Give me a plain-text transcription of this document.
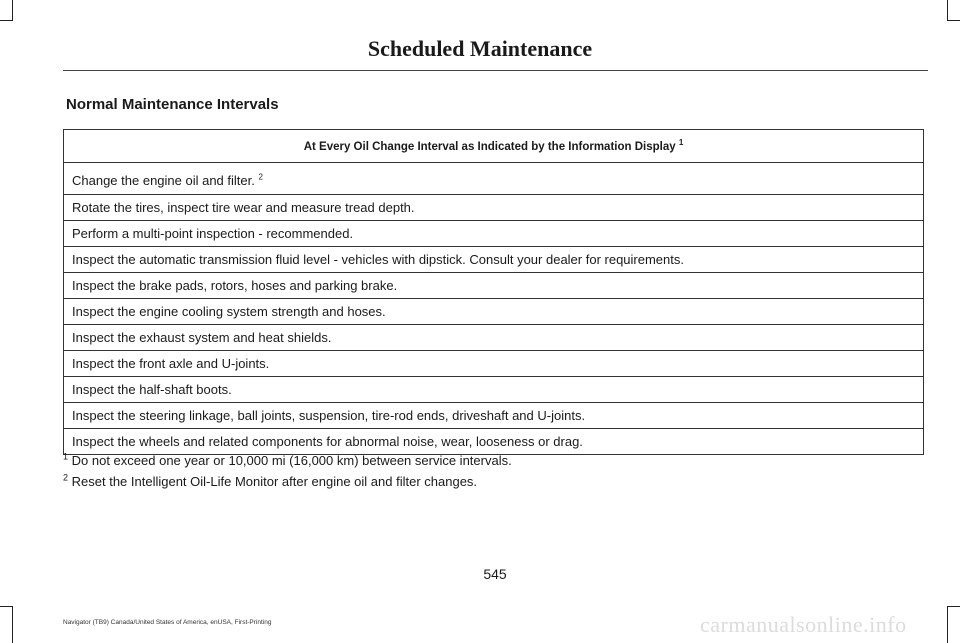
Scheduled Maintenance
Normal Maintenance Intervals
At Every Oil Change Interval as Indicated by the Information Display $^1$
Change the engine oil and filter. $^2$
Rotate the tires, inspect tire wear and measure tread depth.
Perform a multi-point inspection - recommended.
Inspect the automatic transmission fluid level - vehicles with dipstick. Consult your dealer for requirements.
Inspect the brake pads, rotors, hoses and parking brake.
Inspect the engine cooling system strength and hoses.
Inspect the exhaust system and heat shields.
Inspect the front axle and U-joints.
Inspect the half-shaft boots.
Inspect the steering linkage, ball joints, suspension, tire-rod ends, driveshaft and U-joints.
Inspect the wheels and related components for abnormal noise, wear, looseness or drag.
$^1$ Do not exceed one year or 10,000 mi (16,000 km) between service intervals.
$^2$ Reset the Intelligent Oil-Life Monitor after engine oil and filter changes.
545
Navigator (TB9) Canada/United States of America, enUSA, First-Printing	carmanualsonline.info
